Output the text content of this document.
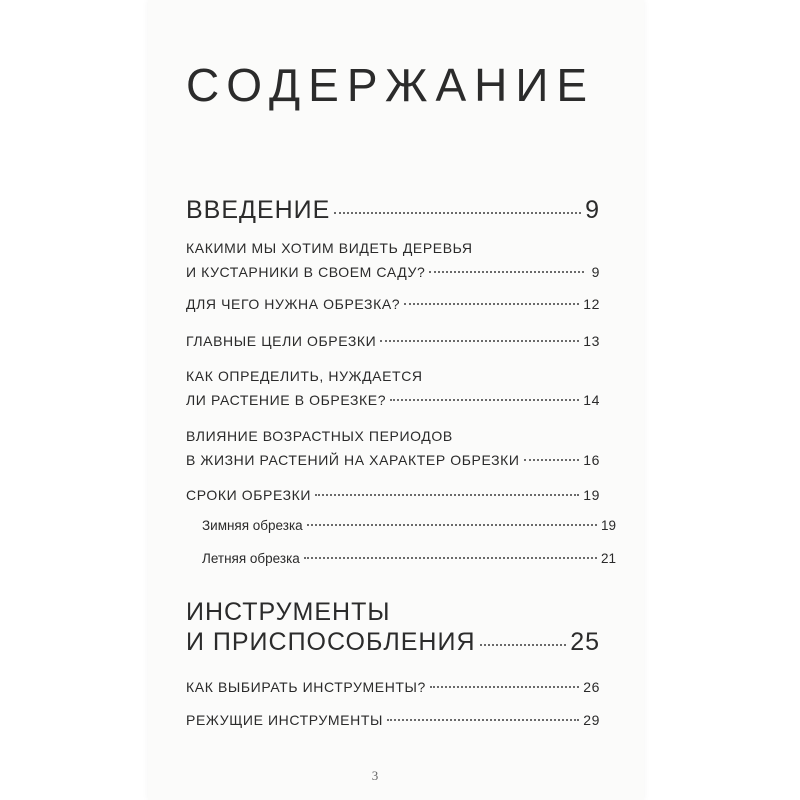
СОДЕРЖАНИЕ
ВВЕДЕНИЕ	9
КАКИМИ МЫ ХОТИМ ВИДЕТЬ ДЕРЕВЬЯ
И КУСТАРНИКИ В СВОЕМ САДУ?	9
ДЛЯ ЧЕГО НУЖНА ОБРЕЗКА?	12
ГЛАВНЫЕ ЦЕЛИ ОБРЕЗКИ	13
КАК ОПРЕДЕЛИТЬ, НУЖДАЕТСЯ
ЛИ РАСТЕНИЕ В ОБРЕЗКЕ?	14
ВЛИЯНИЕ ВОЗРАСТНЫХ ПЕРИОДОВ
В ЖИЗНИ РАСТЕНИЙ НА ХАРАКТЕР ОБРЕЗКИ	16
СРОКИ ОБРЕЗКИ	19
Зимняя обрезка	19
Летняя обрезка	21
ИНСТРУМЕНТЫ
И ПРИСПОСОБЛЕНИЯ	25
КАК ВЫБИРАТЬ ИНСТРУМЕНТЫ?	26
РЕЖУЩИЕ ИНСТРУМЕНТЫ	29
3
